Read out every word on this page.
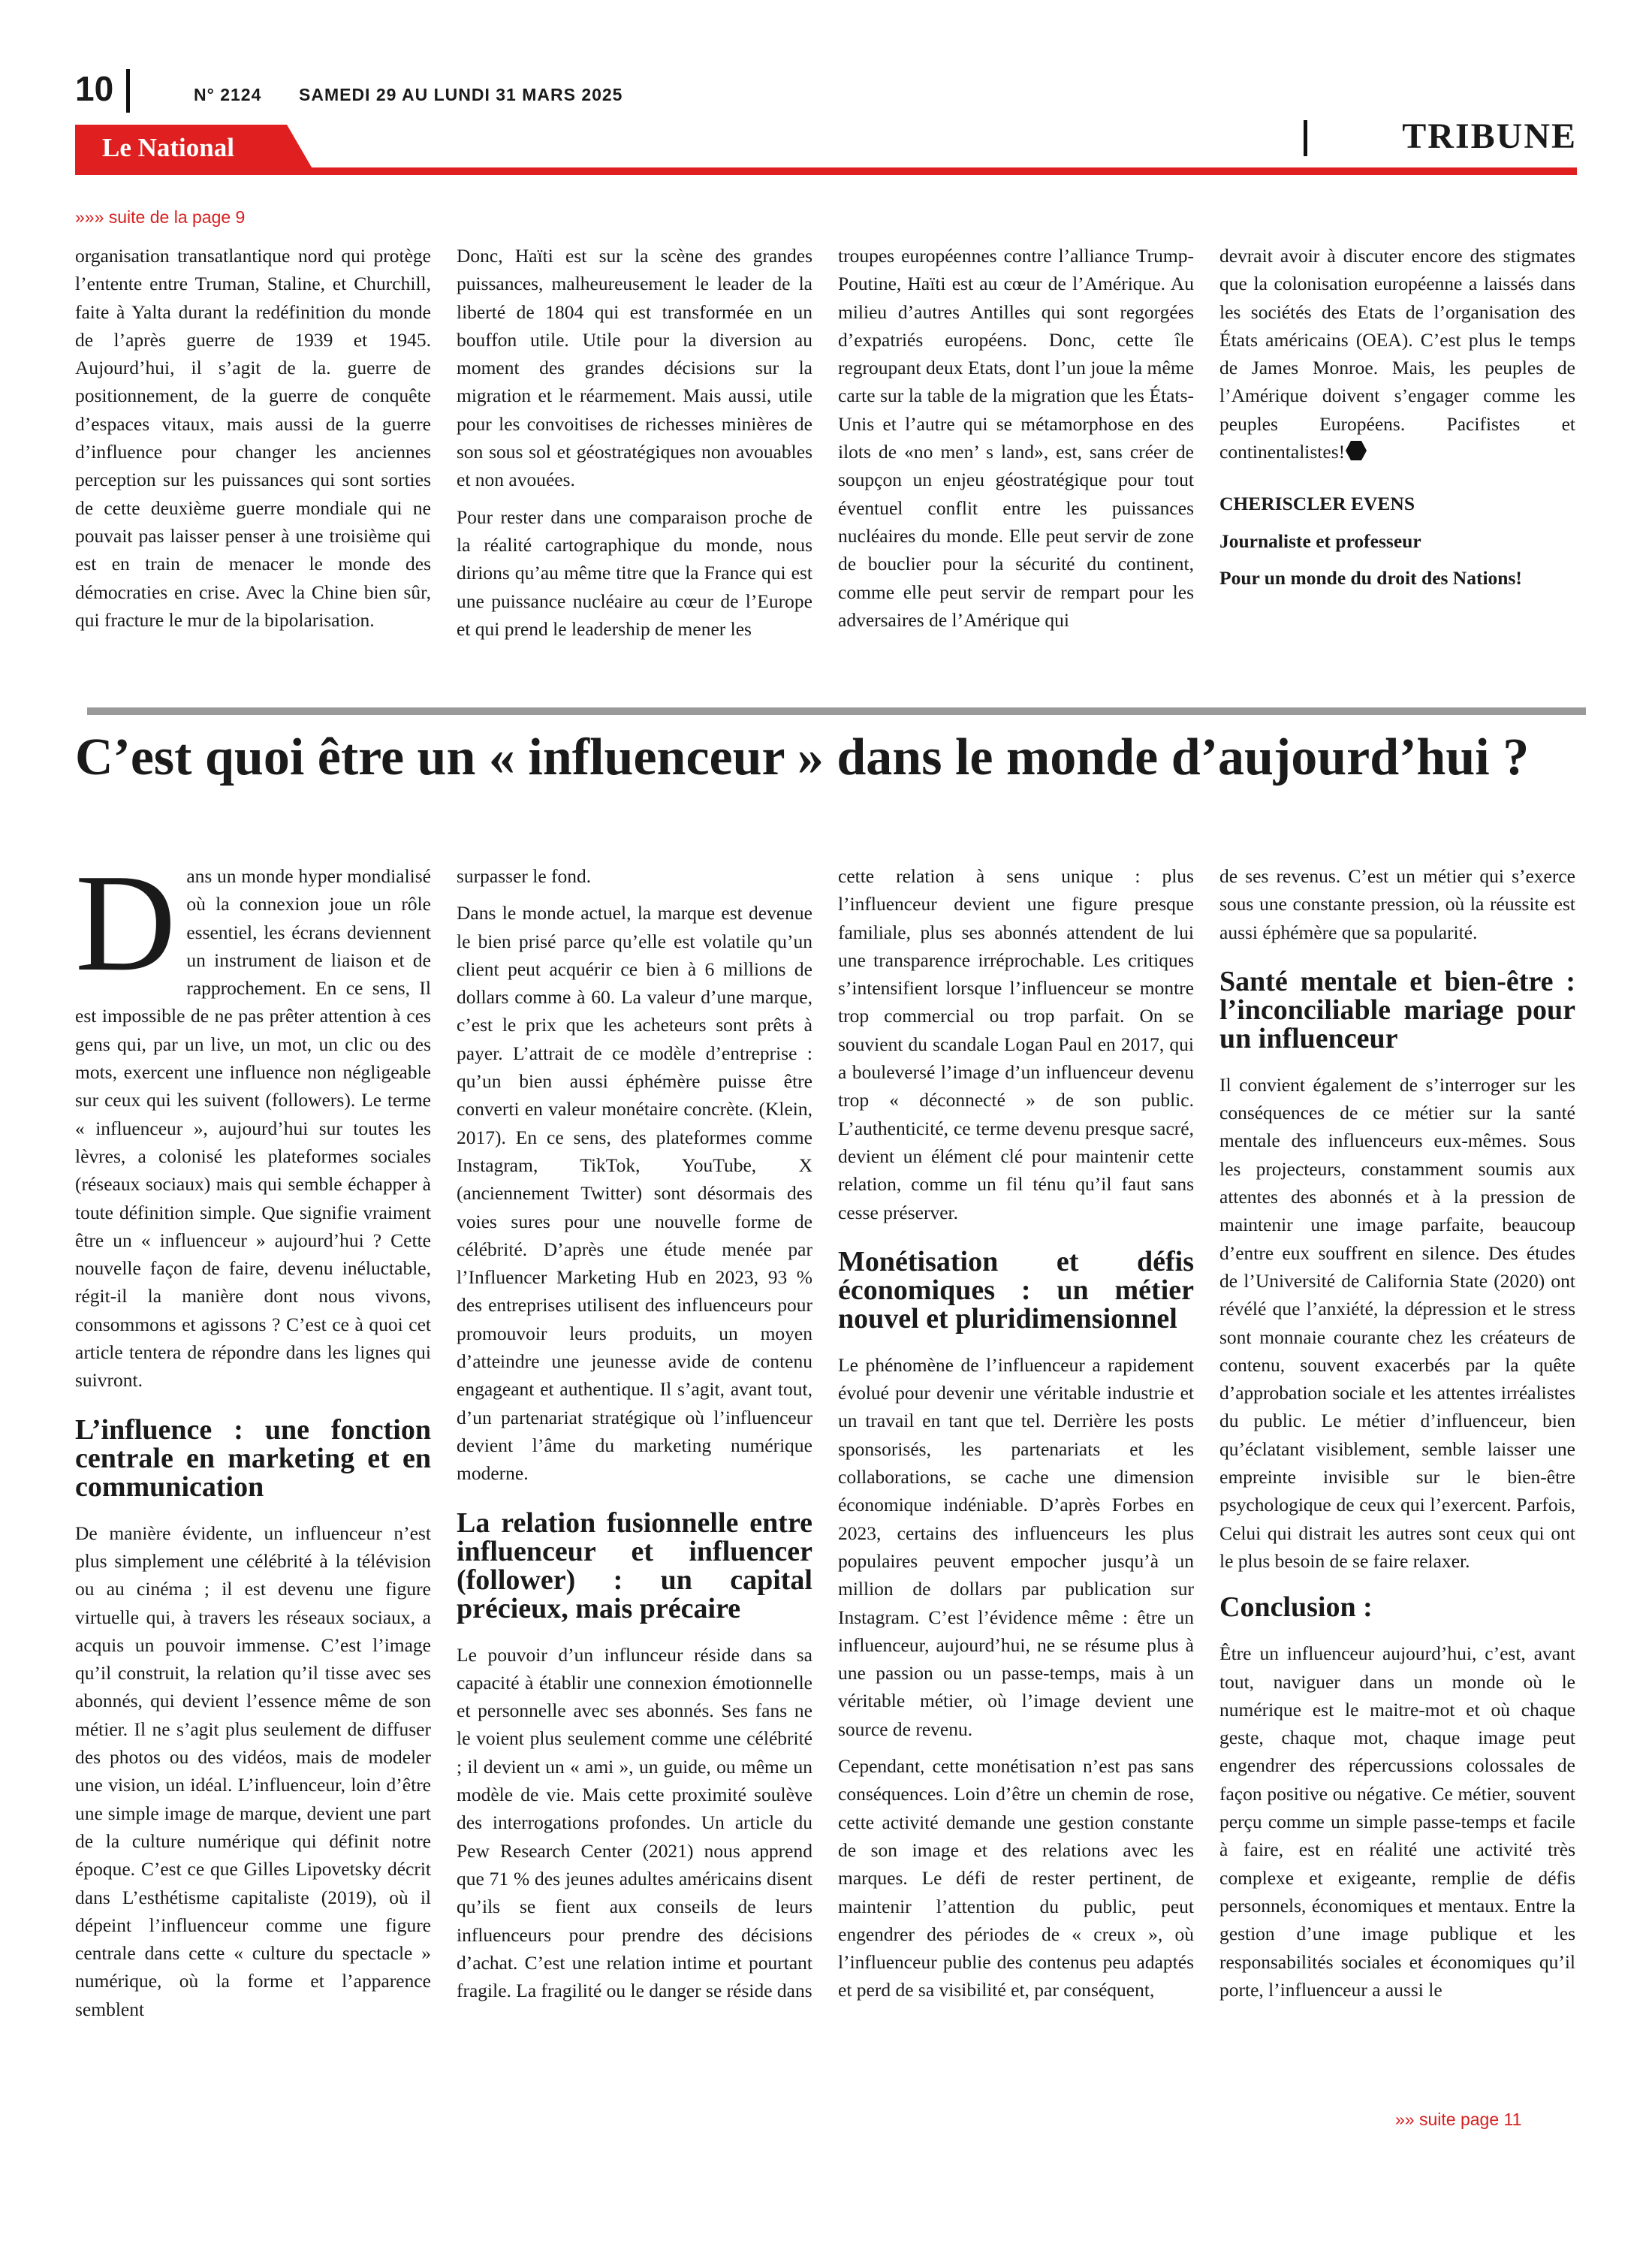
10	N° 2124 SAMEDI 29 AU LUNDI 31 MARS 2025
Le National	TRIBUNE
»»» suite de la page 9

organisation transatlantique nord qui protège l’entente entre Truman, Staline, et Churchill, faite à Yalta durant la redéfinition du monde de l’après guerre de 1939 et 1945. Aujourd’hui, il s’agit de la. guerre de positionnement, de la guerre de conquête d’espaces vitaux, mais aussi de la guerre d’influence pour changer les anciennes perception sur les puissances qui sont sorties de cette deuxième guerre mondiale qui ne pouvait pas laisser penser à une troisième qui est en train de menacer le monde des démocraties en crise. Avec la Chine bien sûr, qui fracture le mur de la bipolarisation.

Donc, Haïti est sur la scène des grandes puissances, malheureusement le leader de la liberté de 1804 qui est transformée en un bouffon utile. Utile pour la diversion au moment des grandes décisions sur la migration et le réarmement. Mais aussi, utile pour les convoitises de richesses minières de son sous sol et géostratégiques non avouables et non avouées.

Pour rester dans une comparaison proche de la réalité cartographique du monde, nous dirions qu’au même titre que la France qui est une puissance nucléaire au cœur de l’Europe et qui prend le leadership de mener les

troupes européennes contre l’alliance Trump-Poutine, Haïti est au cœur de l’Amérique. Au milieu d’autres Antilles qui sont regorgées d’expatriés européens. Donc, cette île regroupant deux Etats, dont l’un joue la même carte sur la table de la migration que les États-Unis et l’autre qui se métamorphose en des ilots de «no men’ s land», est, sans créer de soupçon un enjeu géostratégique pour tout éventuel conflit entre les puissances nucléaires du monde. Elle peut servir de zone de bouclier pour la sécurité du continent, comme elle peut servir de rempart pour les adversaires de l’Amérique qui

devrait avoir à discuter encore des stigmates que la colonisation européenne a laissés dans les sociétés des Etats de l’organisation des États américains (OEA). C’est plus le temps de James Monroe. Mais, les peuples de l’Amérique doivent s’engager comme les peuples Européens. Pacifistes et continentalistes!

CHERISCLER EVENS

Journaliste et professeur

Pour un monde du droit des Nations!

C’est quoi être un « influenceur » dans le monde d’aujourd’hui ?

Dans un monde hyper mondialisé où la connexion joue un rôle essentiel, les écrans deviennent un instrument de liaison et de rapprochement. En ce sens, Il est impossible de ne pas prêter attention à ces gens qui, par un live, un mot, un clic ou des mots, exercent une influence non négligeable sur ceux qui les suivent (followers). Le terme « influenceur », aujourd’hui sur toutes les lèvres, a colonisé les plateformes sociales (réseaux sociaux) mais qui semble échapper à toute définition simple. Que signifie vraiment être un « influenceur » aujourd’hui ? Cette nouvelle façon de faire, devenu inéluctable, régit-il la manière dont nous vivons, consommons et agissons ? C’est ce à quoi cet article tentera de répondre dans les lignes qui suivront.

L’influence : une fonction centrale en marketing et en communication

De manière évidente, un influenceur n’est plus simplement une célébrité à la télévision ou au cinéma ; il est devenu une figure virtuelle qui, à travers les réseaux sociaux, a acquis un pouvoir immense. C’est l’image qu’il construit, la relation qu’il tisse avec ses abonnés, qui devient l’essence même de son métier. Il ne s’agit plus seulement de diffuser des photos ou des vidéos, mais de modeler une vision, un idéal. L’influenceur, loin d’être une simple image de marque, devient une part de la culture numérique qui définit notre époque. C’est ce que Gilles Lipovetsky décrit dans L’esthétisme capitaliste (2019), où il dépeint l’influenceur comme une figure centrale dans cette « culture du spectacle » numérique, où la forme et l’apparence semblent

surpasser le fond.

Dans le monde actuel, la marque est devenue le bien prisé parce qu’elle est volatile qu’un client peut acquérir ce bien à 6 millions de dollars comme à 60. La valeur d’une marque, c’est le prix que les acheteurs sont prêts à payer. L’attrait de ce modèle d’entreprise : qu’un bien aussi éphémère puisse être converti en valeur monétaire concrète. (Klein, 2017). En ce sens, des plateformes comme Instagram, TikTok, YouTube, X (anciennement Twitter) sont désormais des voies sures pour une nouvelle forme de célébrité. D’après une étude menée par l’Influencer Marketing Hub en 2023, 93 % des entreprises utilisent des influenceurs pour promouvoir leurs produits, un moyen d’atteindre une jeunesse avide de contenu engageant et authentique. Il s’agit, avant tout, d’un partenariat stratégique où l’influenceur devient l’âme du marketing numérique moderne.

La relation fusionnelle entre influenceur et influencer (follower) : un capital précieux, mais précaire

Le pouvoir d’un influnceur réside dans sa capacité à établir une connexion émotionnelle et personnelle avec ses abonnés. Ses fans ne le voient plus seulement comme une célébrité ; il devient un « ami », un guide, ou même un modèle de vie. Mais cette proximité soulève des interrogations profondes. Un article du Pew Research Center (2021) nous apprend que 71 % des jeunes adultes américains disent qu’ils se fient aux conseils de leurs influenceurs pour prendre des décisions d’achat. C’est une relation intime et pourtant fragile. La fragilité ou le danger se réside dans

cette relation à sens unique : plus l’influenceur devient une figure presque familiale, plus ses abonnés attendent de lui une transparence irréprochable. Les critiques s’intensifient lorsque l’influenceur se montre trop commercial ou trop parfait. On se souvient du scandale Logan Paul en 2017, qui a bouleversé l’image d’un influenceur devenu trop « déconnecté » de son public. L’authenticité, ce terme devenu presque sacré, devient un élément clé pour maintenir cette relation, comme un fil ténu qu’il faut sans cesse préserver.

Monétisation et défis économiques : un métier nouvel et pluridimensionnel

Le phénomène de l’influenceur a rapidement évolué pour devenir une véritable industrie et un travail en tant que tel. Derrière les posts sponsorisés, les partenariats et les collaborations, se cache une dimension économique indéniable. D’après Forbes en 2023, certains des influenceurs les plus populaires peuvent empocher jusqu’à un million de dollars par publication sur Instagram. C’est l’évidence même : être un influenceur, aujourd’hui, ne se résume plus à une passion ou un passe-temps, mais à un véritable métier, où l’image devient une source de revenu.

Cependant, cette monétisation n’est pas sans conséquences. Loin d’être un chemin de rose, cette activité demande une gestion constante de son image et des relations avec les marques. Le défi de rester pertinent, de maintenir l’attention du public, peut engendrer des périodes de « creux », où l’influenceur publie des contenus peu adaptés et perd de sa visibilité et, par conséquent,

de ses revenus. C’est un métier qui s’exerce sous une constante pression, où la réussite est aussi éphémère que sa popularité.

Santé mentale et bien-être : l’inconciliable mariage pour un influenceur

Il convient également de s’interroger sur les conséquences de ce métier sur la santé mentale des influenceurs eux-mêmes. Sous les projecteurs, constamment soumis aux attentes des abonnés et à la pression de maintenir une image parfaite, beaucoup d’entre eux souffrent en silence. Des études de l’Université de California State (2020) ont révélé que l’anxiété, la dépression et le stress sont monnaie courante chez les créateurs de contenu, souvent exacerbés par la quête d’approbation sociale et les attentes irréalistes du public. Le métier d’influenceur, bien qu’éclatant visiblement, semble laisser une empreinte invisible sur le bien-être psychologique de ceux qui l’exercent. Parfois, Celui qui distrait les autres sont ceux qui ont le plus besoin de se faire relaxer.

Conclusion :

Être un influenceur aujourd’hui, c’est, avant tout, naviguer dans un monde où le numérique est le maitre-mot et où chaque geste, chaque mot, chaque image peut engendrer des répercussions colossales de façon positive ou négative. Ce métier, souvent perçu comme un simple passe-temps et facile à faire, est en réalité une activité très complexe et exigeante, remplie de défis personnels, économiques et mentaux. Entre la gestion d’une image publique et les responsabilités sociales et économiques qu’il porte, l’influenceur a aussi le

»» suite page 11
